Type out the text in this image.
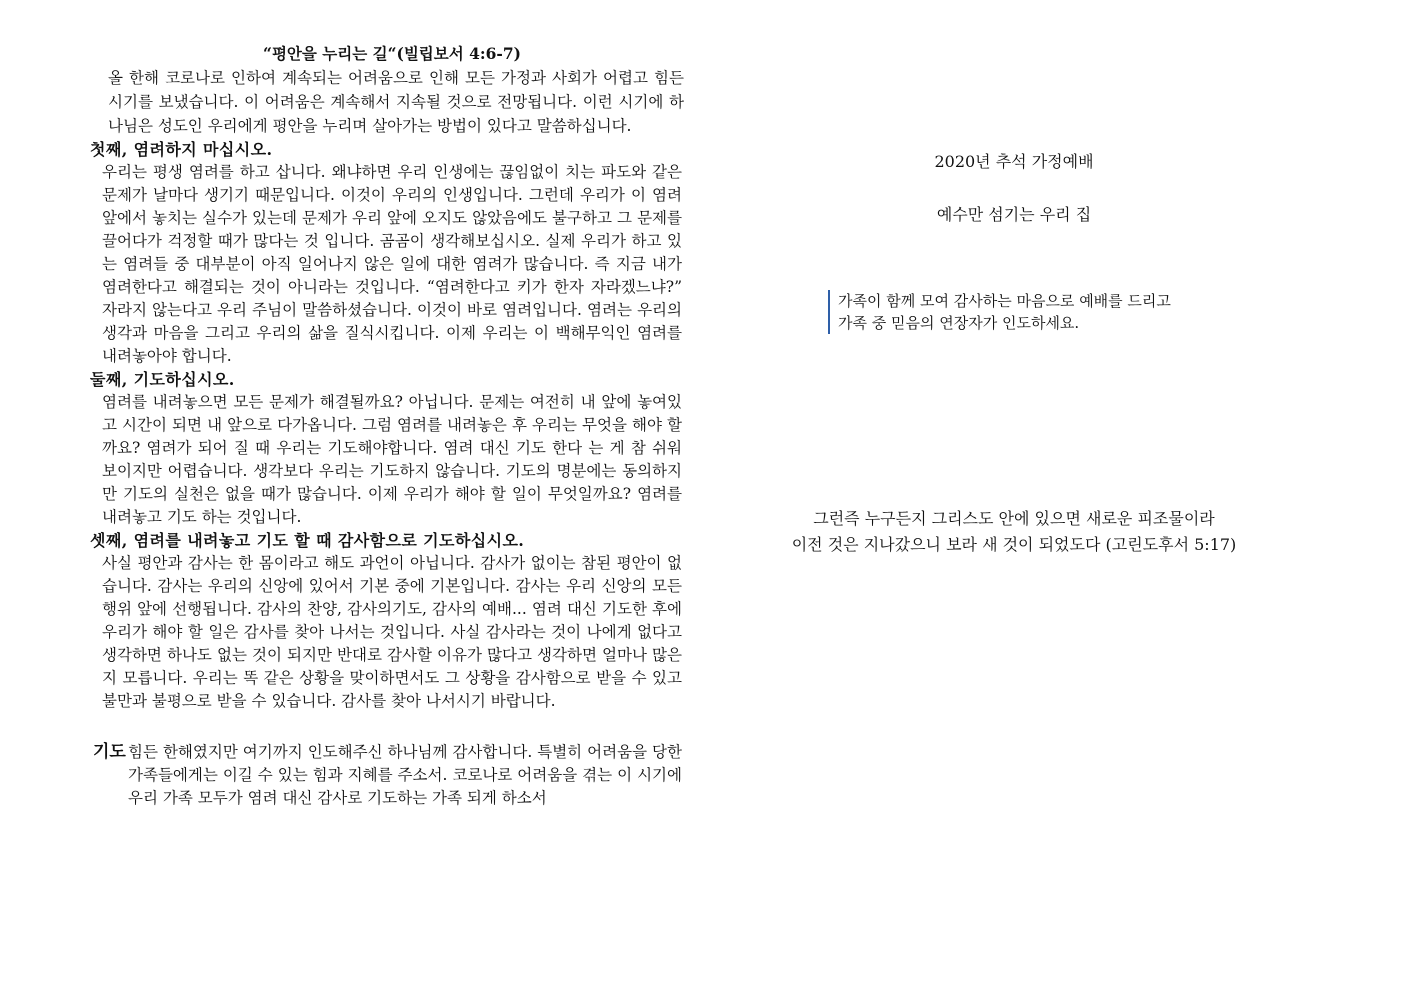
“평안을 누리는 길“(빌립보서 4:6-7)

올 한해 코로나로 인하여 계속되는 어려움으로 인해 모든 가정과 사회가 어렵고 힘든 시기를 보냈습니다. 이 어려움은 계속해서 지속될 것으로 전망됩니다. 이런 시기에 하나님은 성도인 우리에게 평안을 누리며 살아가는 방법이 있다고 말씀하십니다.

첫째, 염려하지 마십시오.

우리는 평생 염려를 하고 삽니다. 왜냐하면 우리 인생에는 끊임없이 치는 파도와 같은 문제가 날마다 생기기 때문입니다. 이것이 우리의 인생입니다. 그런데 우리가 이 염려 앞에서 놓치는 실수가 있는데 문제가 우리 앞에 오지도 않았음에도 불구하고 그 문제를 끌어다가 걱정할 때가 많다는 것 입니다. 곰곰이 생각해보십시오. 실제 우리가 하고 있는 염려들 중 대부분이 아직 일어나지 않은 일에 대한 염려가 많습니다. 즉 지금 내가 염려한다고 해결되는 것이 아니라는 것입니다. “염려한다고 키가 한자 자라겠느냐?” 자라지 않는다고 우리 주님이 말씀하셨습니다. 이것이 바로 염려입니다. 염려는 우리의 생각과 마음을 그리고 우리의 삶을 질식시킵니다. 이제 우리는 이 백해무익인 염려를 내려놓아야 합니다.

둘째, 기도하십시오.

염려를 내려놓으면 모든 문제가 해결될까요? 아닙니다. 문제는 여전히 내 앞에 놓여있고 시간이 되면 내 앞으로 다가옵니다. 그럼 염려를 내려놓은 후 우리는 무엇을 해야 할까요? 염려가 되어 질 때 우리는 기도해야합니다. 염려 대신 기도 한다 는 게 참 쉬워 보이지만 어렵습니다. 생각보다 우리는 기도하지 않습니다. 기도의 명분에는 동의하지만 기도의 실천은 없을 때가 많습니다. 이제 우리가 해야 할 일이 무엇일까요? 염려를 내려놓고 기도 하는 것입니다.

셋째, 염려를 내려놓고 기도 할 때 감사함으로 기도하십시오.

사실 평안과 감사는 한 몸이라고 해도 과언이 아닙니다. 감사가 없이는 참된 평안이 없습니다. 감사는 우리의 신앙에 있어서 기본 중에 기본입니다. 감사는 우리 신앙의 모든 행위 앞에 선행됩니다. 감사의 찬양, 감사의기도, 감사의 예배... 염려 대신 기도한 후에 우리가 해야 할 일은 감사를 찾아 나서는 것입니다. 사실 감사라는 것이 나에게 없다고 생각하면 하나도 없는 것이 되지만 반대로 감사할 이유가 많다고 생각하면 얼마나 많은지 모릅니다. 우리는 똑 같은 상황을 맞이하면서도 그 상황을 감사함으로 받을 수 있고 불만과 불평으로 받을 수 있습니다. 감사를 찾아 나서시기 바랍니다.

기도 힘든 한해였지만 여기까지 인도해주신 하나님께 감사합니다. 특별히 어려움을 당한 가족들에게는 이길 수 있는 힘과 지혜를 주소서. 코로나로 어려움을 겪는 이 시기에 우리 가족 모두가 염려 대신 감사로 기도하는 가족 되게 하소서

2020년 추석 가정예배

예수만 섬기는 우리 집

가족이 함께 모여 감사하는 마음으로 예배를 드리고
가족 중 믿음의 연장자가 인도하세요.
그런즉 누구든지 그리스도 안에 있으면 새로운 피조물이라
이전 것은 지나갔으니 보라 새 것이 되었도다 (고린도후서 5:17)
